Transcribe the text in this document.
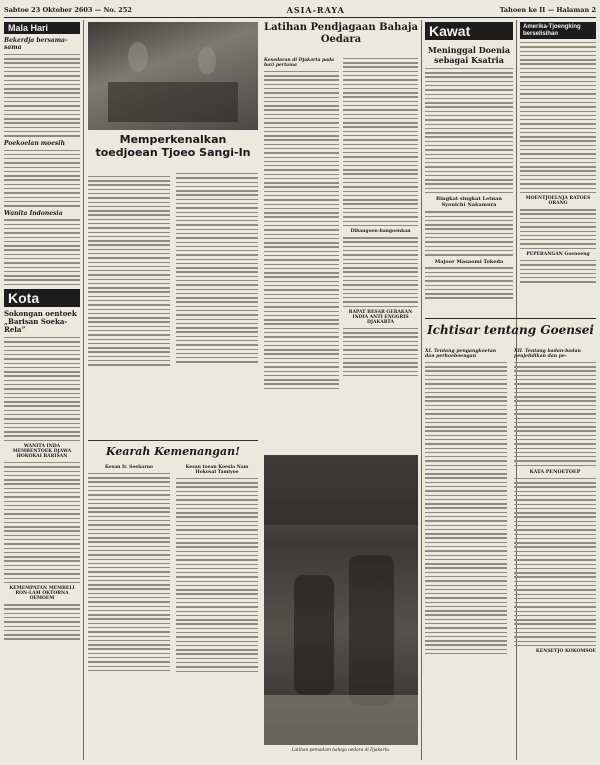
Sabtoe 23 Oktober 2603 — No. 252	ASIA-RAYA	Tahoen ke II — Halaman 2
Mala Hari
Bekerdja bersama-sama
Poekoelan moesih
Wanita Indonesia
Kota
Sokongan oentoek „Barisan Soeka-Rela”
WANITA INDA MEMBENTOEK DJAWA HOKOKAI BARISAN
KEMEMPATAN MEMBELI RON-LAM OKTORNA OEMOEM
Memperkenalkan toedjoean Tjoeo Sangi-In
Kearah Kemenangan!
Kesan Ir. Soekarno	Kesan toean Koesia Nam Hokosai Tamiyoe
Latihan Pendjagaan Bahaja Oedara
Kesedaran di Djakarta pada hari pertama
Dibangoen-bangoenkan
RAPAT BESAR GERAKAN INDIA ANTI ENGGRIS DJAKARTA
Latihan pemadam bahaja oedara di Djakarta.
Kawat
Meninggal Doenia sebagai Ksatria
Ringkat singkat Letnan Syouichi Nakamura
Majoor Masaomi Tokeda
Amerika-Tjoengking berselisihan
MOENTJOELNJA RATOES ORANG
PEPERANGAN Goenoeng
Ichtisar tentang Goensei
XI. Tentang pengangkoetan dan perhoeboengan
XII. Tentang badan-badan penjelidikan dan pe-
KATA PENOETOEP
KENSETJO KOKOMSOE
